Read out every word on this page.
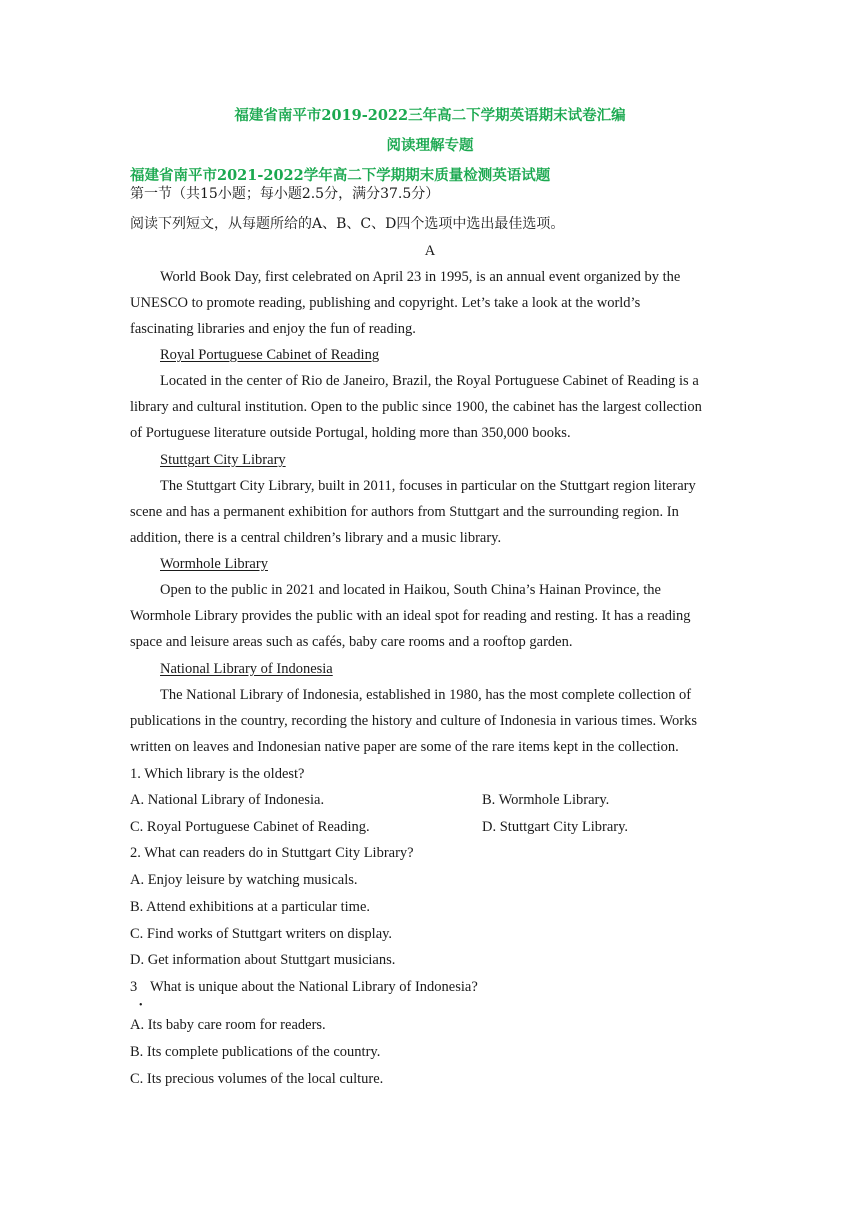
福建省南平市2019-2022三年高二下学期英语期末试卷汇编
阅读理解专题
福建省南平市2021-2022学年高二下学期期末质量检测英语试题
第一节（共15小题；每小题2.5分，满分37.5分）
阅读下列短文，从每题所给的A、B、C、D四个选项中选出最佳选项。
A
World Book Day, first celebrated on April 23 in 1995, is an annual event organized by the
UNESCO to promote reading, publishing and copyright. Let’s take a look at the world’s
fascinating libraries and enjoy the fun of reading.
Royal Portuguese Cabinet of Reading
Located in the center of Rio de Janeiro, Brazil, the Royal Portuguese Cabinet of Reading is a
library and cultural institution. Open to the public since 1900, the cabinet has the largest collection
of Portuguese literature outside Portugal, holding more than 350,000 books.
Stuttgart City Library
The Stuttgart City Library, built in 2011, focuses in particular on the Stuttgart region literary
scene and has a permanent exhibition for authors from Stuttgart and the surrounding region. In
addition, there is a central children’s library and a music library.
Wormhole Library
Open to the public in 2021 and located in Haikou, South China’s Hainan Province, the
Wormhole Library provides the public with an ideal spot for reading and resting. It has a reading
space and leisure areas such as cafés, baby care rooms and a rooftop garden.
National Library of Indonesia
The National Library of Indonesia, established in 1980, has the most complete collection of
publications in the country, recording the history and culture of Indonesia in various times. Works
written on leaves and Indonesian native paper are some of the rare items kept in the collection.
1. Which library is the oldest?
A. National Library of Indonesia.	B. Wormhole Library.
C. Royal Portuguese Cabinet of Reading.	D. Stuttgart City Library.
2. What can readers do in Stuttgart City Library?
A. Enjoy leisure by watching musicals.
B. Attend exhibitions at a particular time.
C. Find works of Stuttgart writers on display.
D. Get information about Stuttgart musicians.
3
•
What is unique about the National Library of Indonesia?
A. Its baby care room for readers.
B. Its complete publications of the country.
C. Its precious volumes of the local culture.
